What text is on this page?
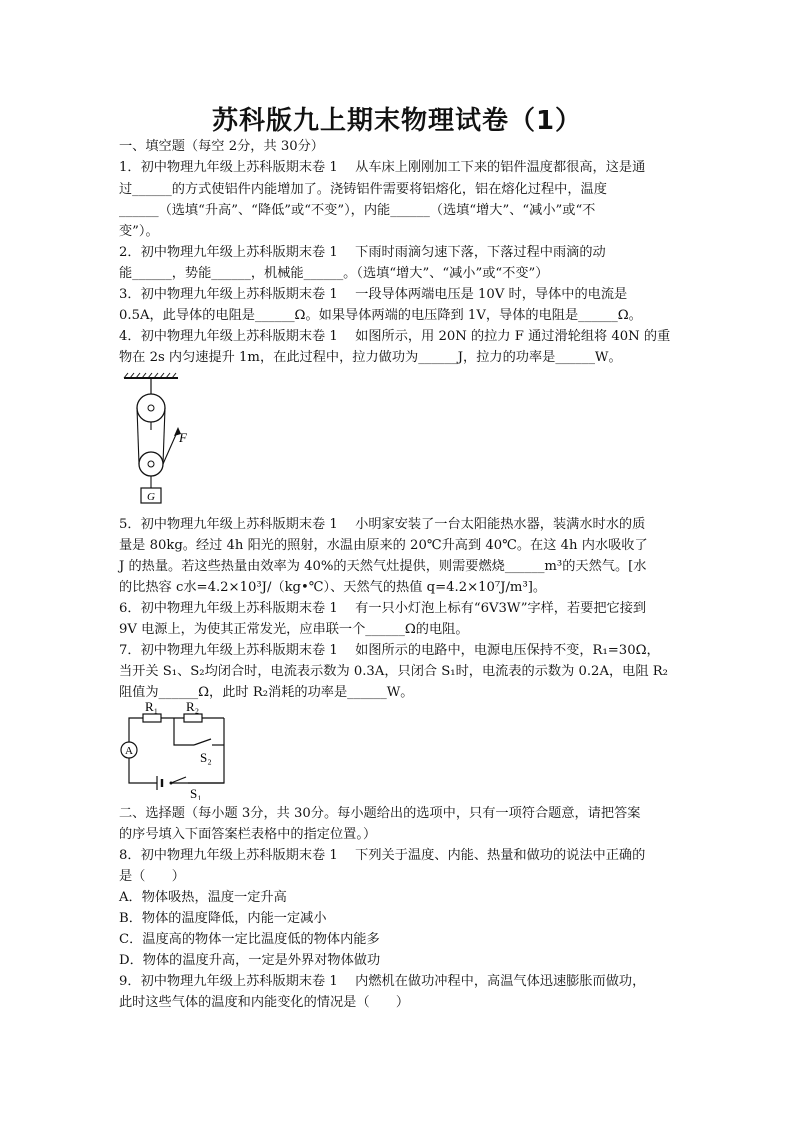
苏科版九上期末物理试卷（1）
一、填空题（每空 2分，共 30分）
1．初中物理九年级上苏科版期末卷 1　 从车床上刚刚加工下来的铝件温度都很高，这是通
过______的方式使铝件内能增加了。浇铸铝件需要将铝熔化，铝在熔化过程中，温度
______（选填“升高”、“降低”或“不变”），内能______（选填“增大”、“减小”或“不
变”）。
2．初中物理九年级上苏科版期末卷 1　 下雨时雨滴匀速下落，下落过程中雨滴的动
能______，势能______，机械能______。（选填“增大”、“减小”或“不变”）
3．初中物理九年级上苏科版期末卷 1　 一段导体两端电压是 10V 时，导体中的电流是
0.5A，此导体的电阻是______Ω。如果导体两端的电压降到 1V，导体的电阻是______Ω。
4．初中物理九年级上苏科版期末卷 1　 如图所示，用 20N 的拉力 F 通过滑轮组将 40N 的重
物在 2s 内匀速提升 1m，在此过程中，拉力做功为______J，拉力的功率是______W。
F
G
5．初中物理九年级上苏科版期末卷 1　 小明家安装了一台太阳能热水器，装满水时水的质
量是 80kg。经过 4h 阳光的照射，水温由原来的 20℃升高到 40℃。在这 4h 内水吸收了
J 的热量。若这些热量由效率为 40%的天然气灶提供，则需要燃烧______m³的天然气。[水
的比热容 c水=4.2×10³J/（kg•℃）、天然气的热值 q=4.2×10⁷J/m³]。
6．初中物理九年级上苏科版期末卷 1　 有一只小灯泡上标有“6V3W”字样，若要把它接到
9V 电源上，为使其正常发光，应串联一个______Ω的电阻。
7．初中物理九年级上苏科版期末卷 1　 如图所示的电路中，电源电压保持不变，R₁=30Ω，
当开关 S₁、S₂均闭合时，电流表示数为 0.3A，只闭合 S₁时，电流表的示数为 0.2A，电阻 R₂
阻值为______Ω，此时 R₂消耗的功率是______W。
R₁ R₂
A	S₂
S₁
二、选择题（每小题 3分，共 30分。每小题给出的选项中，只有一项符合题意，请把答案
的序号填入下面答案栏表格中的指定位置。）
8．初中物理九年级上苏科版期末卷 1　 下列关于温度、内能、热量和做功的说法中正确的
是（　　）
A．物体吸热，温度一定升高
B．物体的温度降低，内能一定减小
C．温度高的物体一定比温度低的物体内能多
D．物体的温度升高，一定是外界对物体做功
9．初中物理九年级上苏科版期末卷 1　 内燃机在做功冲程中，高温气体迅速膨胀而做功，
此时这些气体的温度和内能变化的情况是（　　）
